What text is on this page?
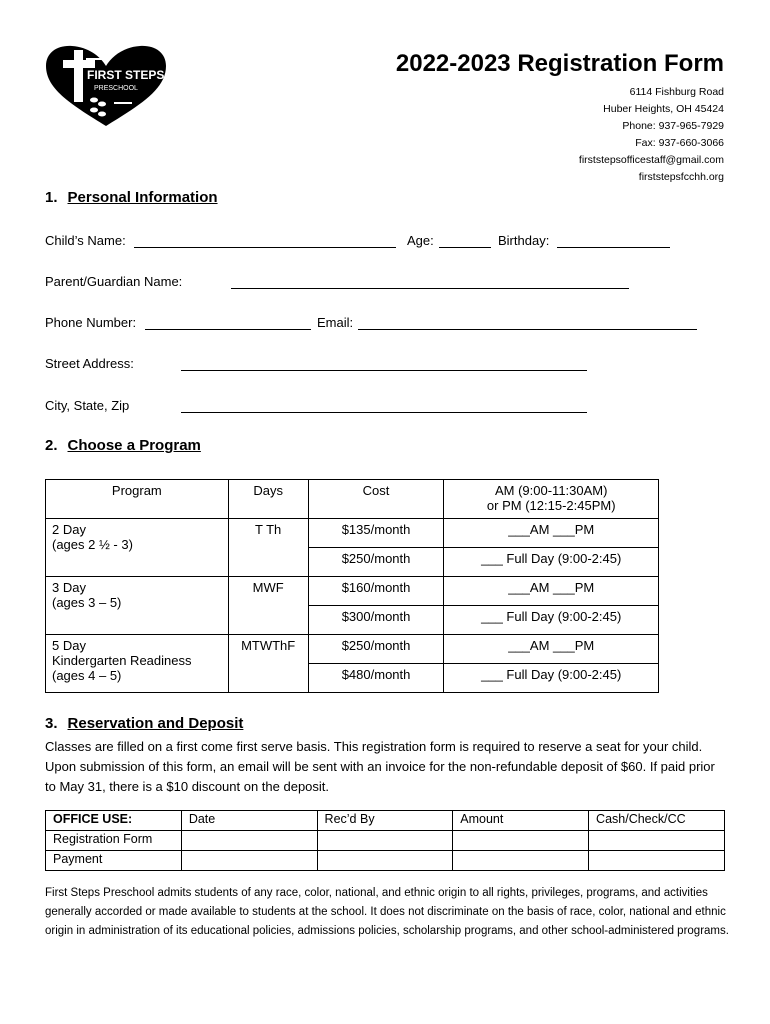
FIRST STEPS
PRESCHOOL
2022-2023 Registration Form
6114 Fishburg Road
Huber Heights, OH 45424
Phone: 937-965-7929
Fax: 937-660-3066
firststepsofficestaff@gmail.com
firststepsfcchh.org
1. Personal Information
Child’s Name:	Age:	Birthday:
Parent/Guardian Name:
Phone Number:	Email:
Street Address:
City, State, Zip
2. Choose a Program
Program	Days	Cost	AM (9:00-11:30AM)
or PM (12:15-2:45PM)

2 Day
(ages 2 ½ - 3)	T Th	$135/month	___AM ___PM
		$250/month	___ Full Day (9:00-2:45)

3 Day
(ages 3 – 5)	MWF	$160/month	___AM ___PM
		$300/month	___ Full Day (9:00-2:45)

5 Day
Kindergarten Readiness
(ages 4 – 5)	MTWThF	$250/month	___AM ___PM
		$480/month	___ Full Day (9:00-2:45)
3. Reservation and Deposit
Classes are filled on a first come first serve basis. This registration form is required to reserve a seat for your child. Upon submission of this form, an email will be sent with an invoice for the non-refundable deposit of $60. If paid prior to May 31, there is a $10 discount on the deposit.
OFFICE USE:	Date	Rec’d By	Amount	Cash/Check/CC
Registration Form				
Payment				
First Steps Preschool admits students of any race, color, national, and ethnic origin to all rights, privileges, programs, and activities generally accorded or made available to students at the school. It does not discriminate on the basis of race, color, national and ethnic origin in administration of its educational policies, admissions policies, scholarship programs, and other school-administered programs.
